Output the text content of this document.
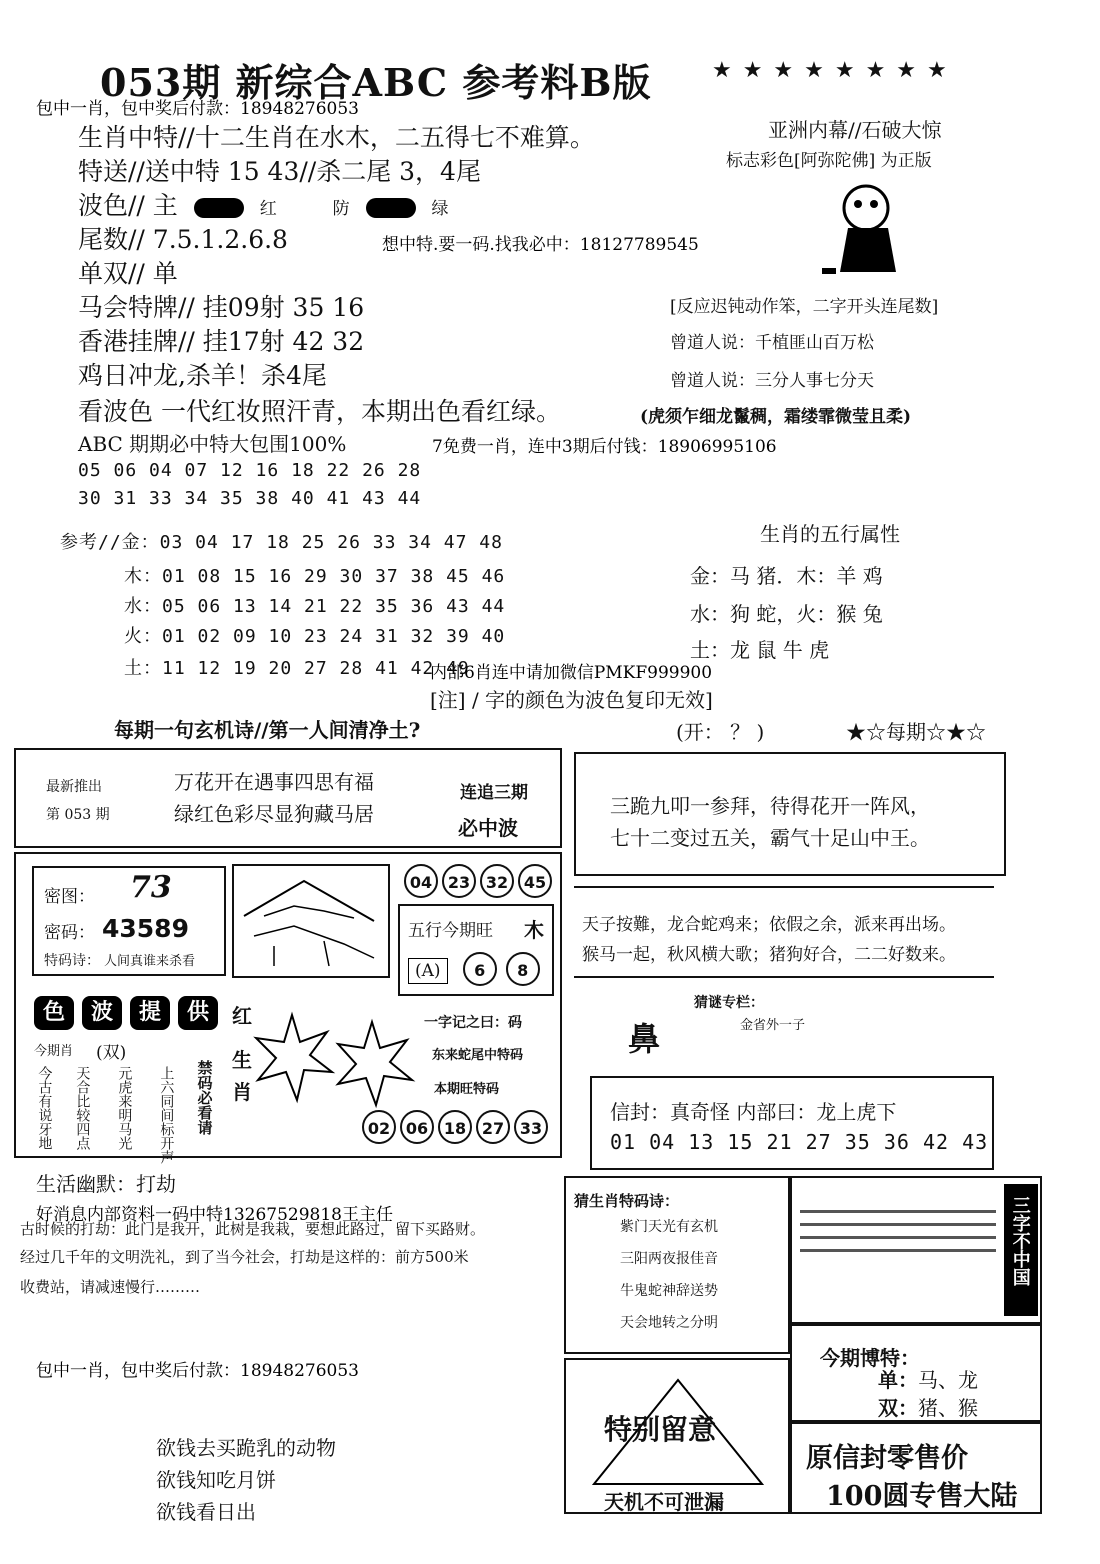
053期 新综合ABC 参考料B版	★ ★ ★ ★ ★ ★ ★ ★
包中一肖，包中奖后付款：18948276053
生肖中特//十二生肖在水木，二五得七不难算。
特送//送中特 15 43//杀二尾 3，4尾
波色// 主	红	防	绿
尾数// 7.5.1.2.6.8	想中特.要一码.找我必中：18127789545
单双// 单
马会特牌// 挂09射 35 16
香港挂牌// 挂17射 42 32
鸡日冲龙,杀羊！杀4尾
看波色 一代红妆照汗青，本期出色看红绿。
ABC 期期必中特大包围100%	7免费一肖，连中3期后付钱：18906995106
05 06 04 07 12 16 18 22 26 28
30 31 33 34 35 38 40 41 43 44
亚洲内幕//石破大惊
标志彩色[阿弥陀佛] 为正版
[反应迟钝动作笨，二字开头连尾数]
曾道人说：千植匪山百万松
曾道人说：三分人事七分天
(虎须乍细龙鬣稠，霜缕霏微莹且柔)
参考//金：03 04 17 18 25 26 33 34 47 48
木：01 08 15 16 29 30 37 38 45 46
水：05 06 13 14 21 22 35 36 43 44
火：01 02 09 10 23 24 31 32 39 40
土：11 12 19 20 27 28 41 42 49
生肖的五行属性
金：马 猪．木：羊 鸡
水：狗 蛇，火：猴 兔
土：龙 鼠 牛 虎
内部6肖连中请加微信PMKF999900
[注] / 字的颜色为波色复印无效]
每期一句玄机诗//第一人间清净土?	(开： ？ )	★☆每期☆★☆
最新推出
第 053 期
万花开在遇事四思有福
绿红色彩尽显狗藏马居
连追三期
必中波
三跪九叩一参拜，待得花开一阵风，
七十二变过五关，霸气十足山中王。
密图： 73
密码： 43589
特码诗： 人间真谁来杀看
04 23 32 45
五行今期旺 木
(A) 6 8
色 波 提 供	红
今期肖 (双)
今古有说牙地 天合比较四点 元虎来明马光 上六同间标开声 禁码必看请 生
肖
一字记之曰：码
东来蛇尾中特码
本期旺特码
02 06 18 27 33
天子按難，龙合蛇鸡来；依假之余，派来再出场。
猴马一起，秋风横大歌；猪狗好合，二二好数来。
猜谜专栏：
鼻	金省外一子
信封：真奇怪 内部曰：龙上虎下
01 04 13 15 21 27 35 36 42 43
生活幽默：打劫
好消息内部资料一码中特13267529818王主任
古时候的打劫：此门是我开，此树是我栽，要想此路过，留下买路财。
经过几千年的文明洗礼，到了当今社会，打劫是这样的：前方500米
收费站，请减速慢行………
猜生肖特码诗：
紫门天光有玄机
三阳两夜报佳音
牛鬼蛇神辞送势
天会地转之分明
三字不中国
今期博特：
单：马、龙
双：猪、猴
特别留意
天机不可泄漏
原信封零售价
100圆专售大陆
包中一肖，包中奖后付款：18948276053
欲钱去买跪乳的动物
欲钱知吃月饼
欲钱看日出
